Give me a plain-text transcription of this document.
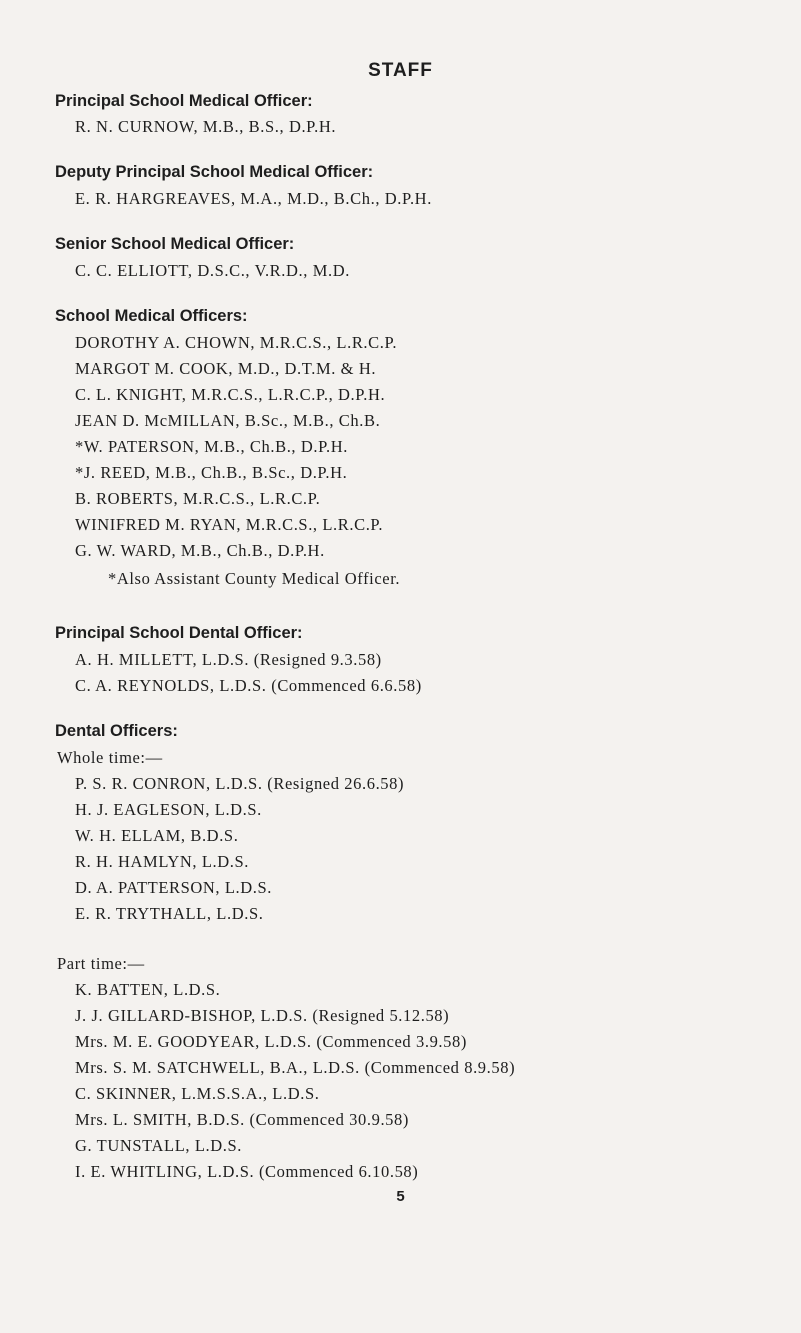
STAFF
Principal School Medical Officer:
R. N. CURNOW, M.B., B.S., D.P.H.
Deputy Principal School Medical Officer:
E. R. HARGREAVES, M.A., M.D., B.Ch., D.P.H.
Senior School Medical Officer:
C. C. ELLIOTT, D.S.C., V.R.D., M.D.
School Medical Officers:
DOROTHY A. CHOWN, M.R.C.S., L.R.C.P.
MARGOT M. COOK, M.D., D.T.M. & H.
C. L. KNIGHT, M.R.C.S., L.R.C.P., D.P.H.
JEAN D. McMILLAN, B.Sc., M.B., Ch.B.
*W. PATERSON, M.B., Ch.B., D.P.H.
*J. REED, M.B., Ch.B., B.Sc., D.P.H.
B. ROBERTS, M.R.C.S., L.R.C.P.
WINIFRED M. RYAN, M.R.C.S., L.R.C.P.
G. W. WARD, M.B., Ch.B., D.P.H.
*Also Assistant County Medical Officer.
Principal School Dental Officer:
A. H. MILLETT, L.D.S. (Resigned 9.3.58)
C. A. REYNOLDS, L.D.S. (Commenced 6.6.58)
Dental Officers:
Whole time:—
P. S. R. CONRON, L.D.S. (Resigned 26.6.58)
H. J. EAGLESON, L.D.S.
W. H. ELLAM, B.D.S.
R. H. HAMLYN, L.D.S.
D. A. PATTERSON, L.D.S.
E. R. TRYTHALL, L.D.S.
Part time:—
K. BATTEN, L.D.S.
J. J. GILLARD-BISHOP, L.D.S. (Resigned 5.12.58)
Mrs. M. E. GOODYEAR, L.D.S. (Commenced 3.9.58)
Mrs. S. M. SATCHWELL, B.A., L.D.S. (Commenced 8.9.58)
C. SKINNER, L.M.S.S.A., L.D.S.
Mrs. L. SMITH, B.D.S. (Commenced 30.9.58)
G. TUNSTALL, L.D.S.
I. E. WHITLING, L.D.S. (Commenced 6.10.58)
5
